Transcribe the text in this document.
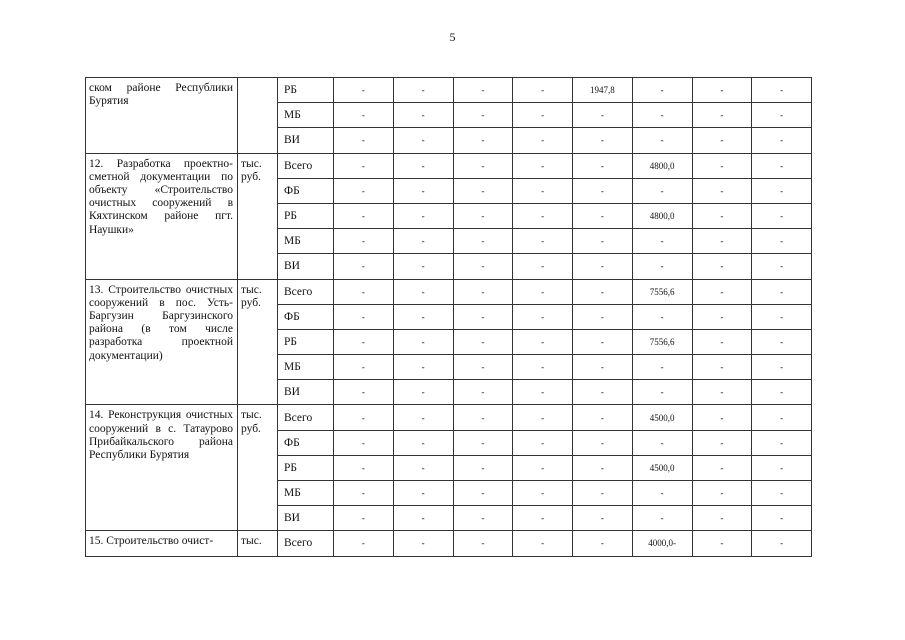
5
ском районе Республики Бурятия		РБ	-	-	-	-	1947,8	-	-	-
		МБ	-	-	-	-	-	-	-	-
		ВИ	-	-	-	-	-	-	-	-
12. Разработка проектно-сметной документации по объекту «Строительство очистных сооружений в Кяхтинском районе пгт. Наушки»	тыс. руб.	Всего	-	-	-	-	-	4800,0	-	-
		ФБ	-	-	-	-	-	-	-	-
		РБ	-	-	-	-	-	4800,0	-	-
		МБ	-	-	-	-	-	-	-	-
		ВИ	-	-	-	-	-	-	-	-
13. Строительство очистных сооружений в пос. Усть-Баргузин Баргузинского района (в том числе разработка проектной документации)	тыс. руб.	Всего	-	-	-	-	-	7556,6	-	-
		ФБ	-	-	-	-	-	-	-	-
		РБ	-	-	-	-	-	7556,6	-	-
		МБ	-	-	-	-	-	-	-	-
		ВИ	-	-	-	-	-	-	-	-
14. Реконструкция очистных сооружений в с. Татаурово Прибайкальского района Республики Бурятия	тыс. руб.	Всего	-	-	-	-	-	4500,0	-	-
		ФБ	-	-	-	-	-	-	-	-
		РБ	-	-	-	-	-	4500,0	-	-
		МБ	-	-	-	-	-	-	-	-
		ВИ	-	-	-	-	-	-	-	-
15. Строительство очист-	тыс.	Всего	-	-	-	-	-	4000,0-	-	-
